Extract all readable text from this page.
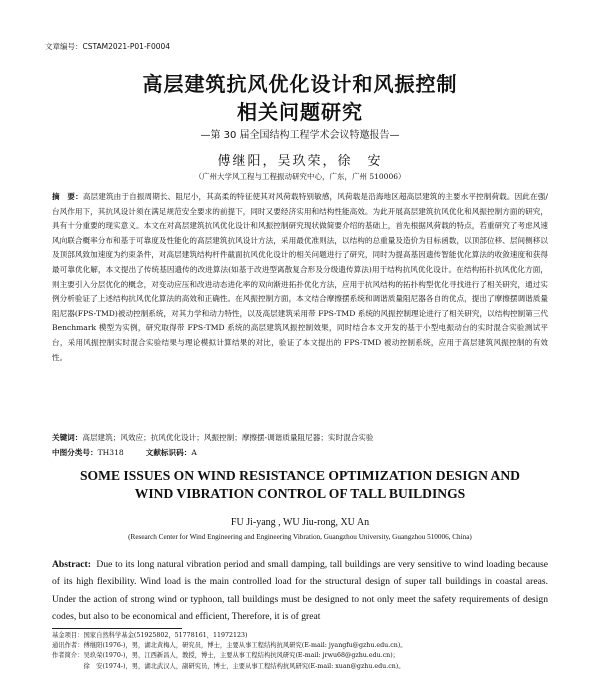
文章编号：CSTAM2021-P01-F0004
高层建筑抗风优化设计和风振控制
相关问题研究
—第 30 届全国结构工程学术会议特邀报告—
傅继阳，吴玖荣，徐　安
（广州大学风工程与工程振动研究中心，广东，广州 510006）
摘　要：高层建筑由于自振周期长、阻尼小，其高柔的特征使其对风荷载特别敏感，风荷载是沿海地区超高层建筑的主要水平控制荷载。因此在强/台风作用下，其抗风设计须在满足规范安全要求的前提下，同时又要经济实用和结构性能高效。为此开展高层建筑抗风优化和风振控制方面的研究，具有十分重要的现实意义。本文在对高层建筑抗风优化设计和风振控制研究现状做简要介绍的基础上，首先根据风荷载的特点，若重研究了考虑风速风向联合概率分布和基于可靠度及性能化的高层建筑抗风设计方法，采用最优准则法，以结构的总重量及造价为目标函数，以顶部位移、层间侧移以及顶部风致加速度为约束条件，对高层建筑结构杆件截面抗风优化设计的相关问题进行了研究，同时为提高基因遗传智能优化算法的收敛速度和获得最可靠优化解，本文提出了传统基因遗传的改进算法(如基于改进型离散复合形及分级遗传算法)用于结构抗风优化设计。在结构拓扑抗风优化方面，则主要引入分层优化的概念，对变动应压和改进动态进化率的双向渐进拓扑优化方法，应用于抗风结构的拓扑构型优化寻找进行了相关研究，通过实例分析验证了上述结构抗风优化算法的高效和正确性。在风振控制方面，本文结合摩擦摆系统和调谐质量阻尼器各自的优点，提出了摩擦摆调谐质量阻尼器(FPS-TMD)被动控制系统，对其力学和动力特性，以及高层建筑采用带 FPS-TMD 系统的风振控制理论进行了相关研究，以结构控制第三代 Benchmark 模型为实例，研究取得带 FPS-TMD 系统的高层建筑风振控制效果，同时结合本文开发的基于小型电振动台的实时混合实验测试平台，采用风振控制实时混合实验结果与理论模拟计算结果的对比，验证了本文提出的 FPS-TMD 被动控制系统，应用于高层建筑风振控制的有效性。
关键词：高层建筑；风效应；抗风优化设计；风振控制；摩擦摆-调谐质量阻尼器；实时混合实验
中图分类号：TH318	文献标识码：A
SOME ISSUES ON WIND RESISTANCE OPTIMIZATION DESIGN AND
WIND VIBRATION CONTROL OF TALL BUILDINGS
FU Ji-yang , WU Jiu-rong, XU An
(Research Center for Wind Engineering and Engineering Vibration, Guangzhou University, Guangzhou 510006, China)
Abstract: Due to its long natural vibration period and small damping, tall buildings are very sensitive to wind loading because of its high flexibility. Wind load is the main controlled load for the structural design of super tall buildings in coastal areas. Under the action of strong wind or typhoon, tall buildings must be designed to not only meet the safety requirements of design codes, but also to be economical and efficient, Therefore, it is of great
基金项目：国家自然科学基金(51925802，51778161，11972123)
通讯作者：傅继阳(1976-)，男，湖北黄梅人，研究员，博士，主要从事工程结构抗风研究(E-mail: jyangfu@gzhu.edu.cn)。
作者简介：吴玖荣(1970-)，男，江西新昌人，教授，博士，主要从事工程结构抗风研究(E-mail: jrwu68@gzhu.edu.cn)；
　　　　　徐　安(1974-)，男，湖北武汉人，副研究员，博士，主要从事工程结构抗风研究(E-mail: xuan@gzhu.edu.cn)。
